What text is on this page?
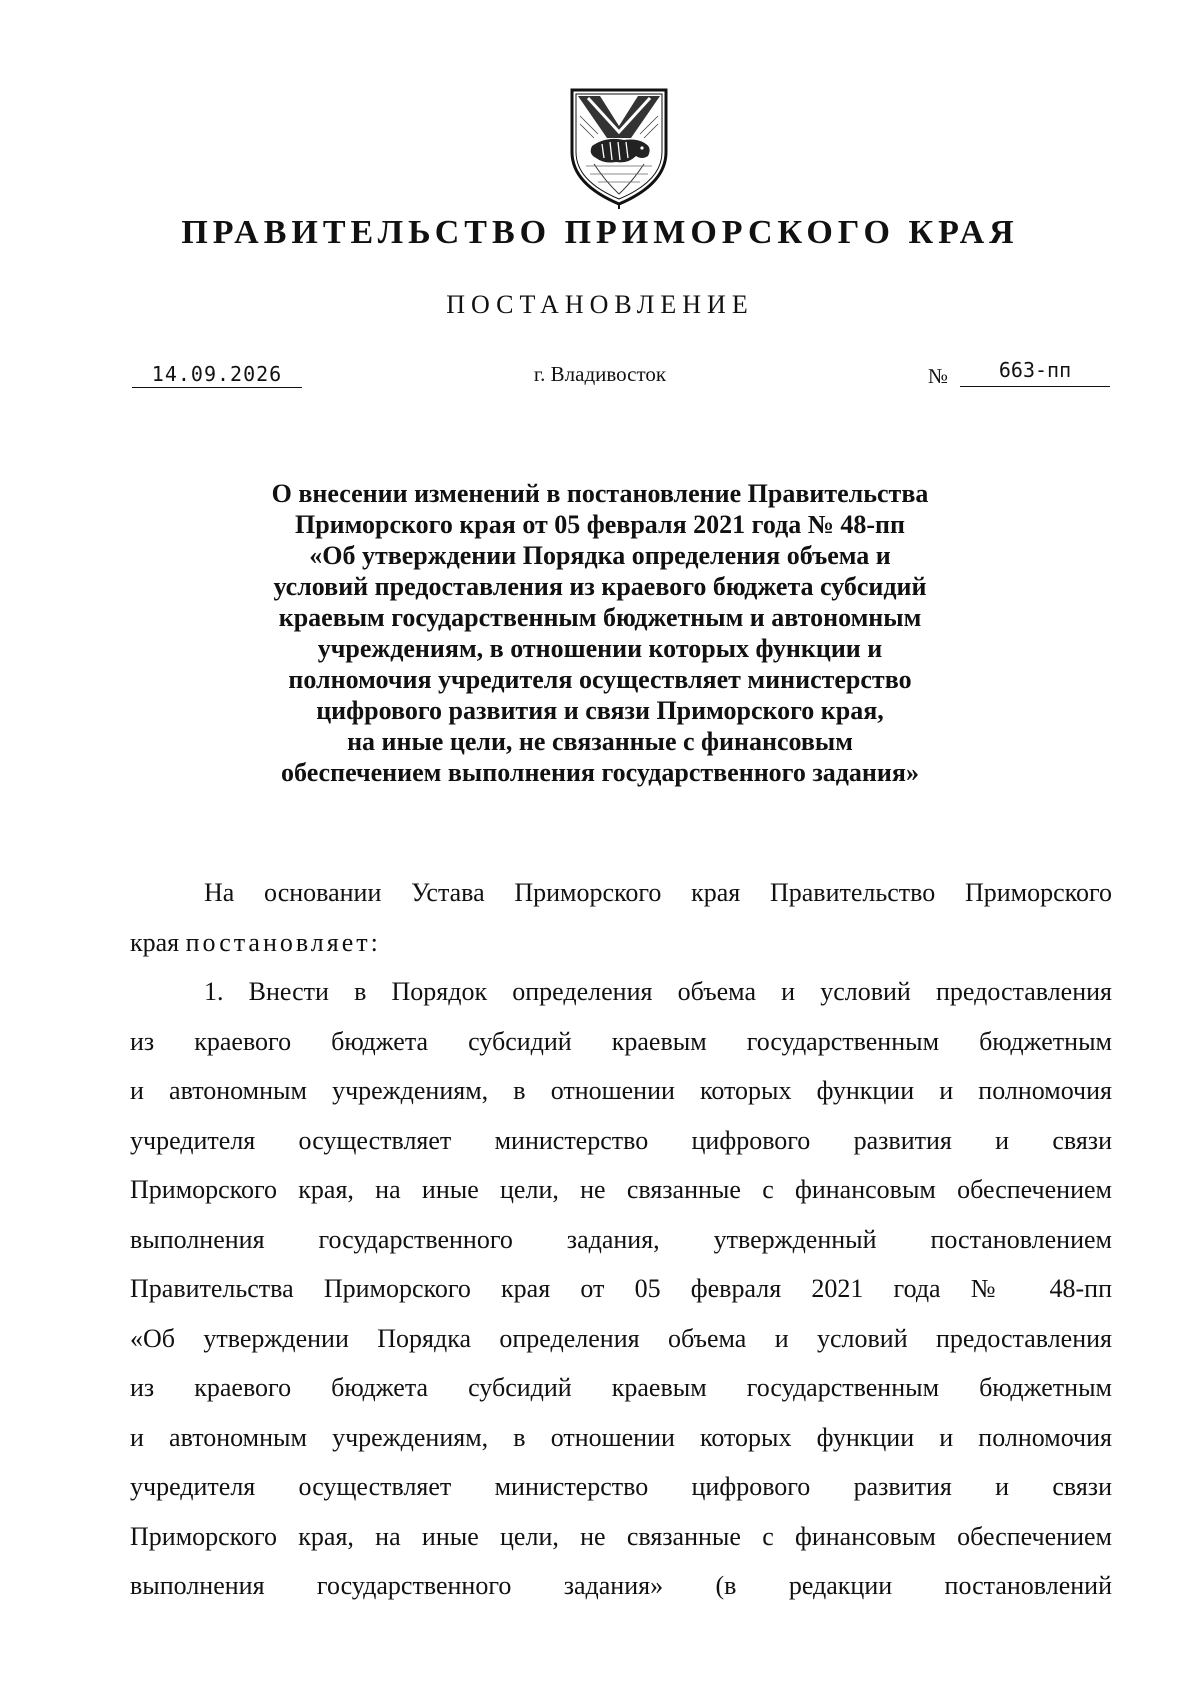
ПРАВИТЕЛЬСТВО ПРИМОРСКОГО КРАЯ
ПОСТАНОВЛЕНИЕ
14.09.2026	г. Владивосток	№	663-пп
О внесении изменений в постановление Правительства
Приморского края от 05 февраля 2021 года № 48-пп
«Об утверждении Порядка определения объема и
условий предоставления из краевого бюджета субсидий
краевым государственным бюджетным и автономным
учреждениям, в отношении которых функции и
полномочия учредителя осуществляет министерство
цифрового развития и связи Приморского края,
на иные цели, не связанные с финансовым
обеспечением выполнения государственного задания»
На основании Устава Приморского края Правительство Приморского
края постановляет:
1. Внести в Порядок определения объема и условий предоставления
из краевого бюджета субсидий краевым государственным бюджетным
и автономным учреждениям, в отношении которых функции и полномочия
учредителя осуществляет министерство цифрового развития и связи
Приморского края, на иные цели, не связанные с финансовым обеспечением
выполнения государственного задания, утвержденный постановлением
Правительства Приморского края от 05 февраля 2021 года № 48-пп
«Об утверждении Порядка определения объема и условий предоставления
из краевого бюджета субсидий краевым государственным бюджетным
и автономным учреждениям, в отношении которых функции и полномочия
учредителя осуществляет министерство цифрового развития и связи
Приморского края, на иные цели, не связанные с финансовым обеспечением
выполнения государственного задания» (в редакции постановлений
